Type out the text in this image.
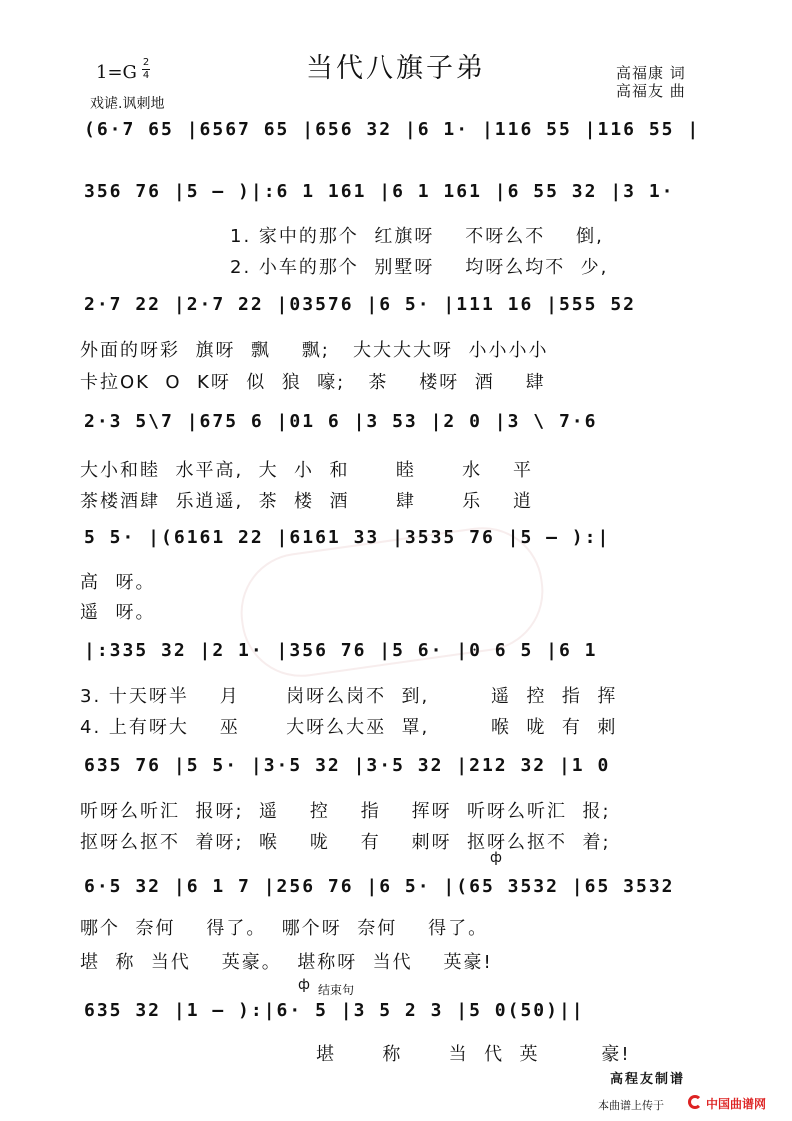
当代八旗子弟
1=G 2
4
戏谑.讽刺地
高福康 词
高福友 曲
(6·7 65 |6567 65 |656 32 |6 1· |116 55 |116 55 |
356 76 |5 – )|:6 1 161 |6 1 161 |6 55 32 |3 1·
1. 家中的那个  红旗呀    不呀么不    倒,
2. 小车的那个  别墅呀    均呀么均不  少,
2·7 22 |2·7 22 |03576 |6 5· |111 16 |555 52
外面的呀彩  旗呀  飘    飘;   大大大大呀  小小小小
卡拉OK  O  K呀  似  狼  嚎;   茶    楼呀  酒    肆
2·3 5\7 |675 6 |01 6 |3 53 |2 0 |3 \ 7·6
大小和睦  水平高,  大  小  和      睦      水    平
茶楼酒肆  乐逍遥,  茶  楼  酒      肆      乐    逍
5 5· |(6161 22 |6161 33 |3535 76 |5 – ):|
高  呀。
遥  呀。
|:335 32 |2 1· |356 76 |5 6· |0 6 5 |6 1
3. 十天呀半    月      岗呀么岗不  到,        遥  控  指  挥
4. 上有呀大    巫      大呀么大巫  罩,        喉  咙  有  刺
635 76 |5 5· |3·5 32 |3·5 32 |212 32 |1 0
听呀么听汇  报呀;  遥    控    指    挥呀  听呀么听汇  报;
抠呀么抠不  着呀;  喉    咙    有    刺呀  抠呀么抠不  着;
ф
6·5 32 |6 1 7 |256 76 |6 5· |(65 3532 |65 3532
哪个  奈何    得了。  哪个呀  奈何    得了。
堪  称  当代    英豪。  堪称呀  当代    英豪!
ф 结束句
635 32 |1 – ):|6· 5 |3 5 2 3 |5 0(50)||
堪      称      当  代  英        豪!
高程友制谱
本曲谱上传于	中国曲谱网
